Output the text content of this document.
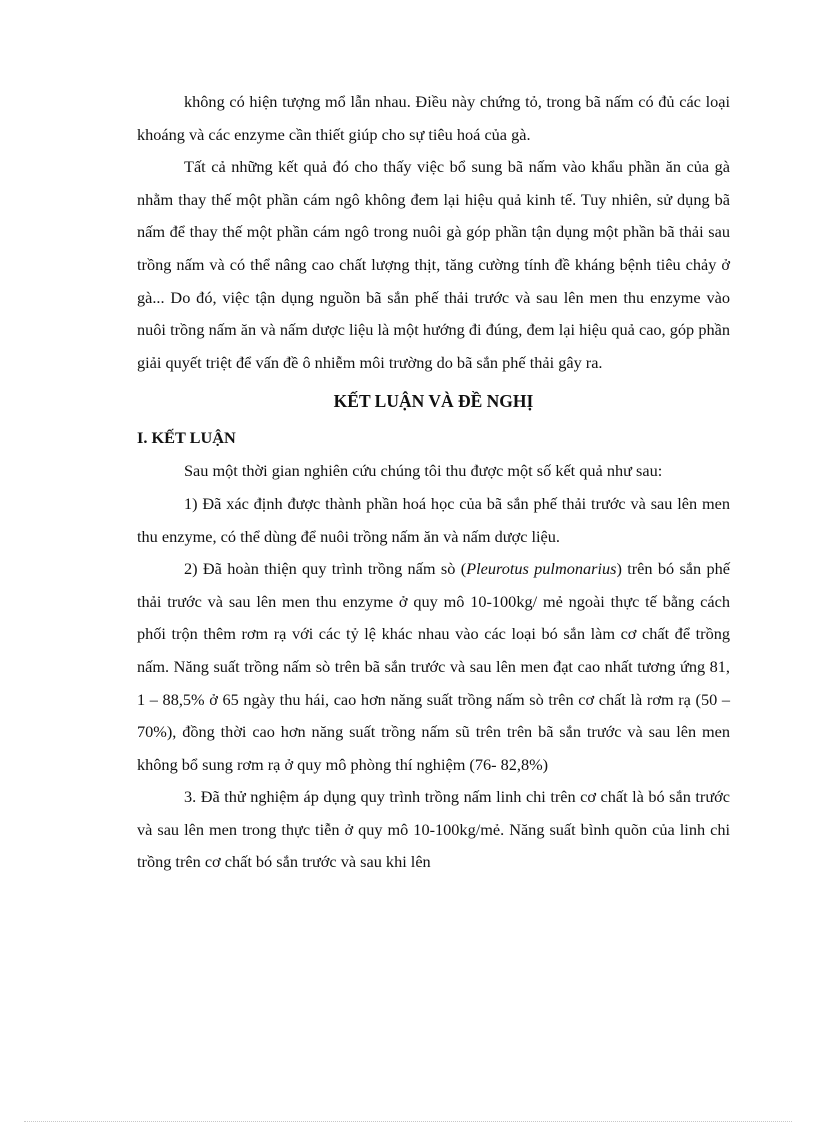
không có hiện tượng mổ lẫn nhau. Điều này chứng tỏ, trong bã nấm có đủ các loại khoáng và các enzyme cần thiết giúp cho sự tiêu hoá của gà.

Tất cả những kết quả đó cho thấy việc bổ sung bã nấm vào khẩu phần ăn của gà nhằm thay thế một phần cám ngô không đem lại hiệu quả kinh tế. Tuy nhiên, sử dụng bã nấm để thay thế một phần cám ngô trong nuôi gà góp phần tận dụng một phần bã thải sau trồng nấm và có thể nâng cao chất lượng thịt, tăng cường tính đề kháng bệnh tiêu chảy ở gà... Do đó, việc tận dụng nguồn bã sắn phế thải trước và sau lên men thu enzyme vào nuôi trồng nấm ăn và nấm dược liệu là một hướng đi đúng, đem lại hiệu quả cao, góp phần giải quyết triệt để vấn đề ô nhiễm môi trường do bã sắn phế thải gây ra.

KẾT LUẬN VÀ ĐỀ NGHỊ
I. KẾT LUẬN

Sau một thời gian nghiên cứu chúng tôi thu được một số kết quả như sau:

1) Đã xác định được thành phần hoá học của bã sắn phế thải trước và sau lên men thu enzyme, có thể dùng để nuôi trồng nấm ăn và nấm dược liệu.

2) Đã hoàn thiện quy trình trồng nấm sò (Pleurotus pulmonarius) trên bó sắn phế thải trước và sau lên men thu enzyme ở quy mô 10-100kg/ mẻ ngoài thực tế bằng cách phối trộn thêm rơm rạ với các tỷ lệ khác nhau vào các loại bó sắn làm cơ chất để trồng nấm. Năng suất trồng nấm sò trên bã sắn trước và sau lên men đạt cao nhất tương ứng 81, 1 – 88,5% ở 65 ngày thu hái, cao hơn năng suất trồng nấm sò trên cơ chất là rơm rạ (50 – 70%), đồng thời cao hơn năng suất trồng nấm sũ trên trên bã sắn trước và sau lên men không bổ sung rơm rạ ở quy mô phòng thí nghiệm (76- 82,8%)

3. Đã thử nghiệm áp dụng quy trình trồng nấm linh chi trên cơ chất là bó sắn trước và sau lên men trong thực tiễn ở quy mô 10-100kg/mẻ. Năng suất bình quõn của linh chi trồng trên cơ chất bó sắn trước và sau khi lên
